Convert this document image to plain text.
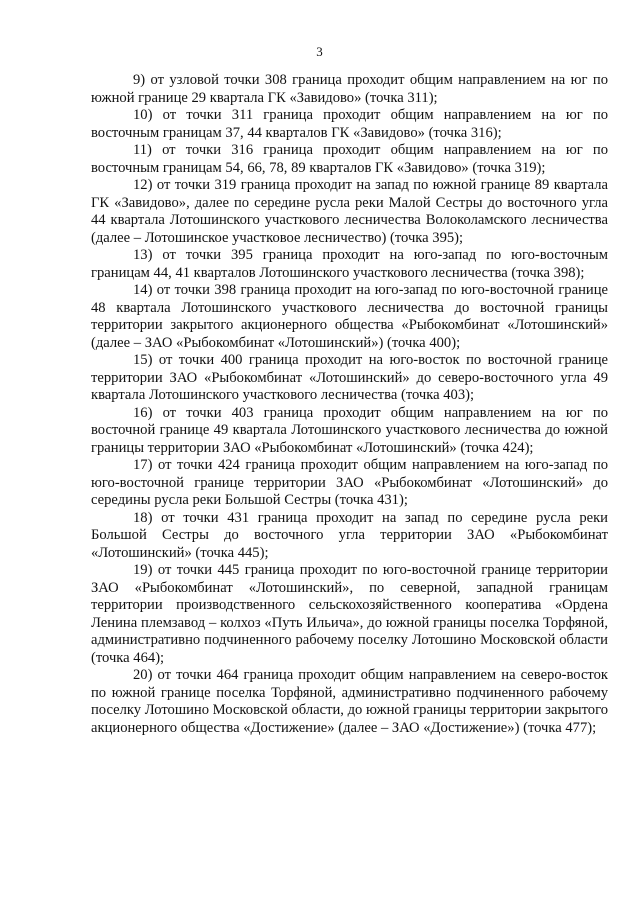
3

9) от узловой точки 308 граница проходит общим направлением на юг по южной границе 29 квартала ГК «Завидово» (точка 311);

10) от точки 311 граница проходит общим направлением на юг по восточным границам 37, 44 кварталов ГК «Завидово» (точка 316);

11) от точки 316 граница проходит общим направлением на юг по восточным границам 54, 66, 78, 89 кварталов ГК «Завидово» (точка 319);

12) от точки 319 граница проходит на запад по южной границе 89 квартала ГК «Завидово», далее по середине русла реки Малой Сестры до восточного угла 44 квартала Лотошинского участкового лесничества Волоколамского лесничества (далее – Лотошинское участковое лесничество) (точка 395);

13) от точки 395 граница проходит на юго-запад по юго-восточным границам 44, 41 кварталов Лотошинского участкового лесничества (точка 398);

14) от точки 398 граница проходит на юго-запад по юго-восточной границе 48 квартала Лотошинского участкового лесничества до восточной границы территории закрытого акционерного общества «Рыбокомбинат «Лотошинский» (далее – ЗАО «Рыбокомбинат «Лотошинский») (точка 400);

15) от точки 400 граница проходит на юго-восток по восточной границе территории ЗАО «Рыбокомбинат «Лотошинский» до северо-восточного угла 49 квартала Лотошинского участкового лесничества (точка 403);

16) от точки 403 граница проходит общим направлением на юг по восточной границе 49 квартала Лотошинского участкового лесничества до южной границы территории ЗАО «Рыбокомбинат «Лотошинский» (точка 424);

17) от точки 424 граница проходит общим направлением на юго-запад по юго-восточной границе территории ЗАО «Рыбокомбинат «Лотошинский» до середины русла реки Большой Сестры (точка 431);

18) от точки 431 граница проходит на запад по середине русла реки Большой Сестры до восточного угла территории ЗАО «Рыбокомбинат «Лотошинский» (точка 445);

19) от точки 445 граница проходит по юго-восточной границе территории ЗАО «Рыбокомбинат «Лотошинский», по северной, западной границам территории производственного сельскохозяйственного кооператива «Ордена Ленина племзавод – колхоз «Путь Ильича», до южной границы поселка Торфяной, административно подчиненного рабочему поселку Лотошино Московской области (точка 464);

20) от точки 464 граница проходит общим направлением на северо-восток по южной границе поселка Торфяной, административно подчиненного рабочему поселку Лотошино Московской области, до южной границы территории закрытого акционерного общества «Достижение» (далее – ЗАО «Достижение») (точка 477);
